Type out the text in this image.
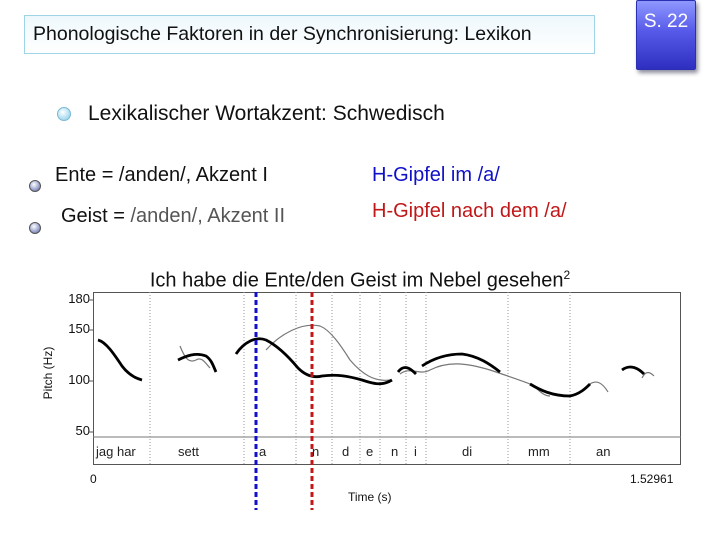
Phonologische Faktoren in der Synchronisierung: Lexikon
S. 22
Lexikalischer Wortakzent: Schwedisch
Ente = /anden/, Akzent I	H-Gipfel im /a/
Geist = /anden/, Akzent II	H-Gipfel nach dem /a/
Ich habe die Ente/den Geist im Nebel gesehen$^2$
Pitch (Hz)
180
150
100
50
jag har	sett	a	n d e n i	di	mm	an
0	1.52961
Time (s)
